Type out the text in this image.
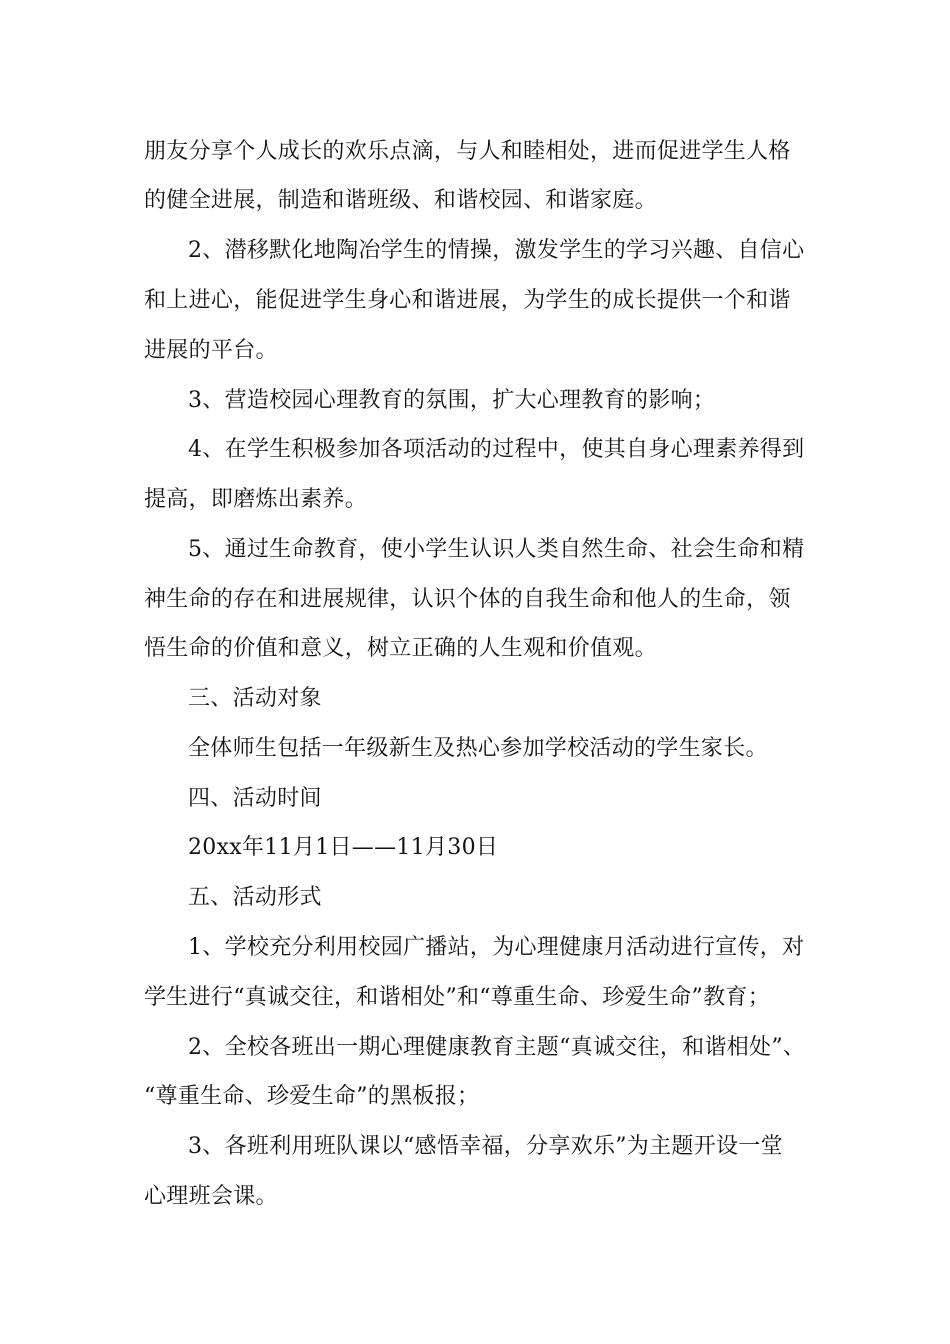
朋友分享个人成长的欢乐点滴，与人和睦相处，进而促进学生人格
的健全进展，制造和谐班级、和谐校园、和谐家庭。
2、潜移默化地陶冶学生的情操，激发学生的学习兴趣、自信心
和上进心，能促进学生身心和谐进展，为学生的成长提供一个和谐
进展的平台。
3、营造校园心理教育的氛围，扩大心理教育的影响；
4、在学生积极参加各项活动的过程中，使其自身心理素养得到
提高，即磨炼出素养。
5、通过生命教育，使小学生认识人类自然生命、社会生命和精
神生命的存在和进展规律，认识个体的自我生命和他人的生命，领
悟生命的价值和意义，树立正确的人生观和价值观。
三、活动对象
全体师生包括一年级新生及热心参加学校活动的学生家长。
四、活动时间
20xx年11月1日——11月30日
五、活动形式
1、学校充分利用校园广播站，为心理健康月活动进行宣传，对
学生进行“真诚交往，和谐相处”和“尊重生命、珍爱生命”教育；
2、全校各班出一期心理健康教育主题“真诚交往，和谐相处”、
“尊重生命、珍爱生命”的黑板报；
3、各班利用班队课以“感悟幸福，分享欢乐”为主题开设一堂
心理班会课。
